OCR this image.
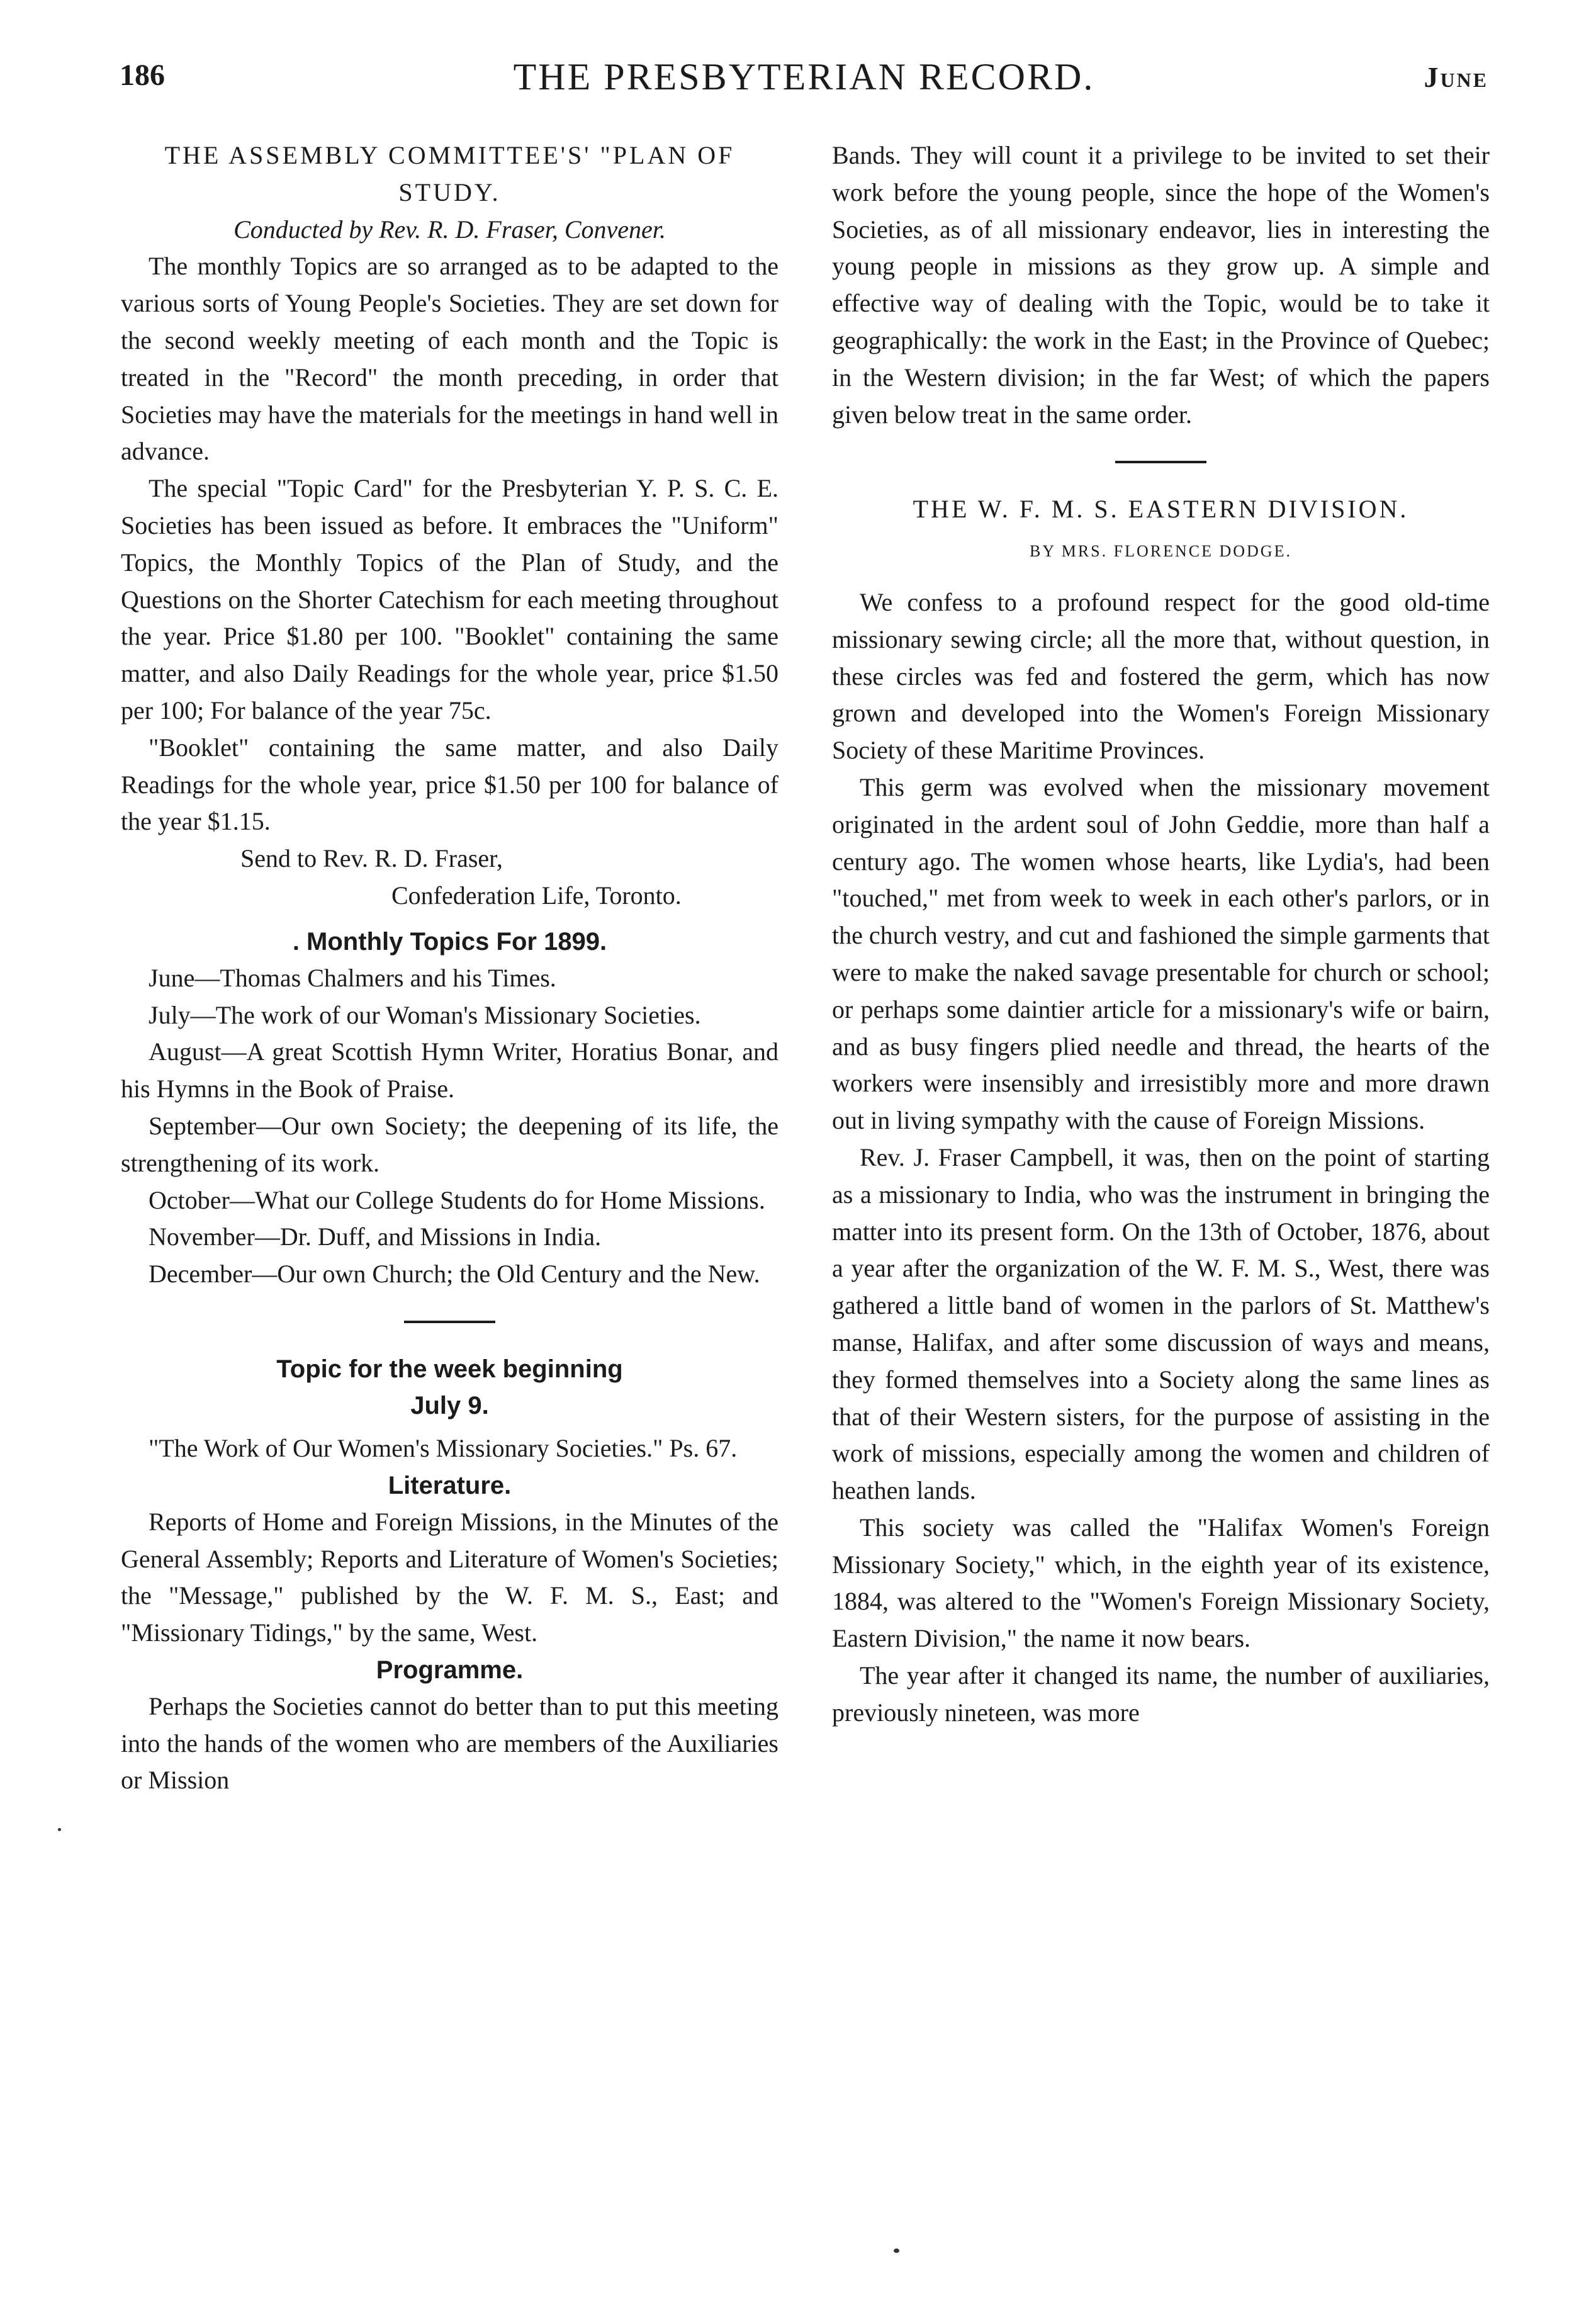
186	THE PRESBYTERIAN RECORD.	June

THE ASSEMBLY COMMITTEE'S' "PLAN OF STUDY.

Conducted by Rev. R. D. Fraser, Convener.

The monthly Topics are so arranged as to be adapted to the various sorts of Young People's Societies. They are set down for the second weekly meeting of each month and the Topic is treated in the "Record" the month preceding, in order that Societies may have the materials for the meetings in hand well in advance.

The special "Topic Card" for the Presbyterian Y. P. S. C. E. Societies has been issued as before. It embraces the "Uniform" Topics, the Monthly Topics of the Plan of Study, and the Questions on the Shorter Catechism for each meeting throughout the year. Price $1.80 per 100. "Booklet" containing the same matter, and also Daily Readings for the whole year, price $1.50 per 100; For balance of the year 75c.

"Booklet" containing the same matter, and also Daily Readings for the whole year, price $1.50 per 100 for balance of the year $1.15.

Send to Rev. R. D. Fraser,

Confederation Life, Toronto.

. Monthly Topics For 1899.

June—Thomas Chalmers and his Times.

July—The work of our Woman's Missionary Societies.

August—A great Scottish Hymn Writer, Horatius Bonar, and his Hymns in the Book of Praise.

September—Our own Society; the deepening of its life, the strengthening of its work.

October—What our College Students do for Home Missions.

November—Dr. Duff, and Missions in India.

December—Our own Church; the Old Century and the New.

Topic for the week beginning

July 9.

"The Work of Our Women's Missionary Societies." Ps. 67.

Literature.

Reports of Home and Foreign Missions, in the Minutes of the General Assembly; Reports and Literature of Women's Societies; the "Message," published by the W. F. M. S., East; and "Missionary Tidings," by the same, West.

Programme.

Perhaps the Societies cannot do better than to put this meeting into the hands of the women who are members of the Auxiliaries or Mission

Bands. They will count it a privilege to be invited to set their work before the young people, since the hope of the Women's Societies, as of all missionary endeavor, lies in interesting the young people in missions as they grow up. A simple and effective way of dealing with the Topic, would be to take it geographically: the work in the East; in the Province of Quebec; in the Western division; in the far West; of which the papers given below treat in the same order.

THE W. F. M. S. EASTERN DIVISION.

BY MRS. FLORENCE DODGE.

We confess to a profound respect for the good old-time missionary sewing circle; all the more that, without question, in these circles was fed and fostered the germ, which has now grown and developed into the Women's Foreign Missionary Society of these Maritime Provinces.

This germ was evolved when the missionary movement originated in the ardent soul of John Geddie, more than half a century ago. The women whose hearts, like Lydia's, had been "touched," met from week to week in each other's parlors, or in the church vestry, and cut and fashioned the simple garments that were to make the naked savage presentable for church or school; or perhaps some daintier article for a missionary's wife or bairn, and as busy fingers plied needle and thread, the hearts of the workers were insensibly and irresistibly more and more drawn out in living sympathy with the cause of Foreign Missions.

Rev. J. Fraser Campbell, it was, then on the point of starting as a missionary to India, who was the instrument in bringing the matter into its present form. On the 13th of October, 1876, about a year after the organization of the W. F. M. S., West, there was gathered a little band of women in the parlors of St. Matthew's manse, Halifax, and after some discussion of ways and means, they formed themselves into a Society along the same lines as that of their Western sisters, for the purpose of assisting in the work of missions, especially among the women and children of heathen lands.

This society was called the "Halifax Women's Foreign Missionary Society," which, in the eighth year of its existence, 1884, was altered to the "Women's Foreign Missionary Society, Eastern Division," the name it now bears.

The year after it changed its name, the number of auxiliaries, previously nineteen, was more
